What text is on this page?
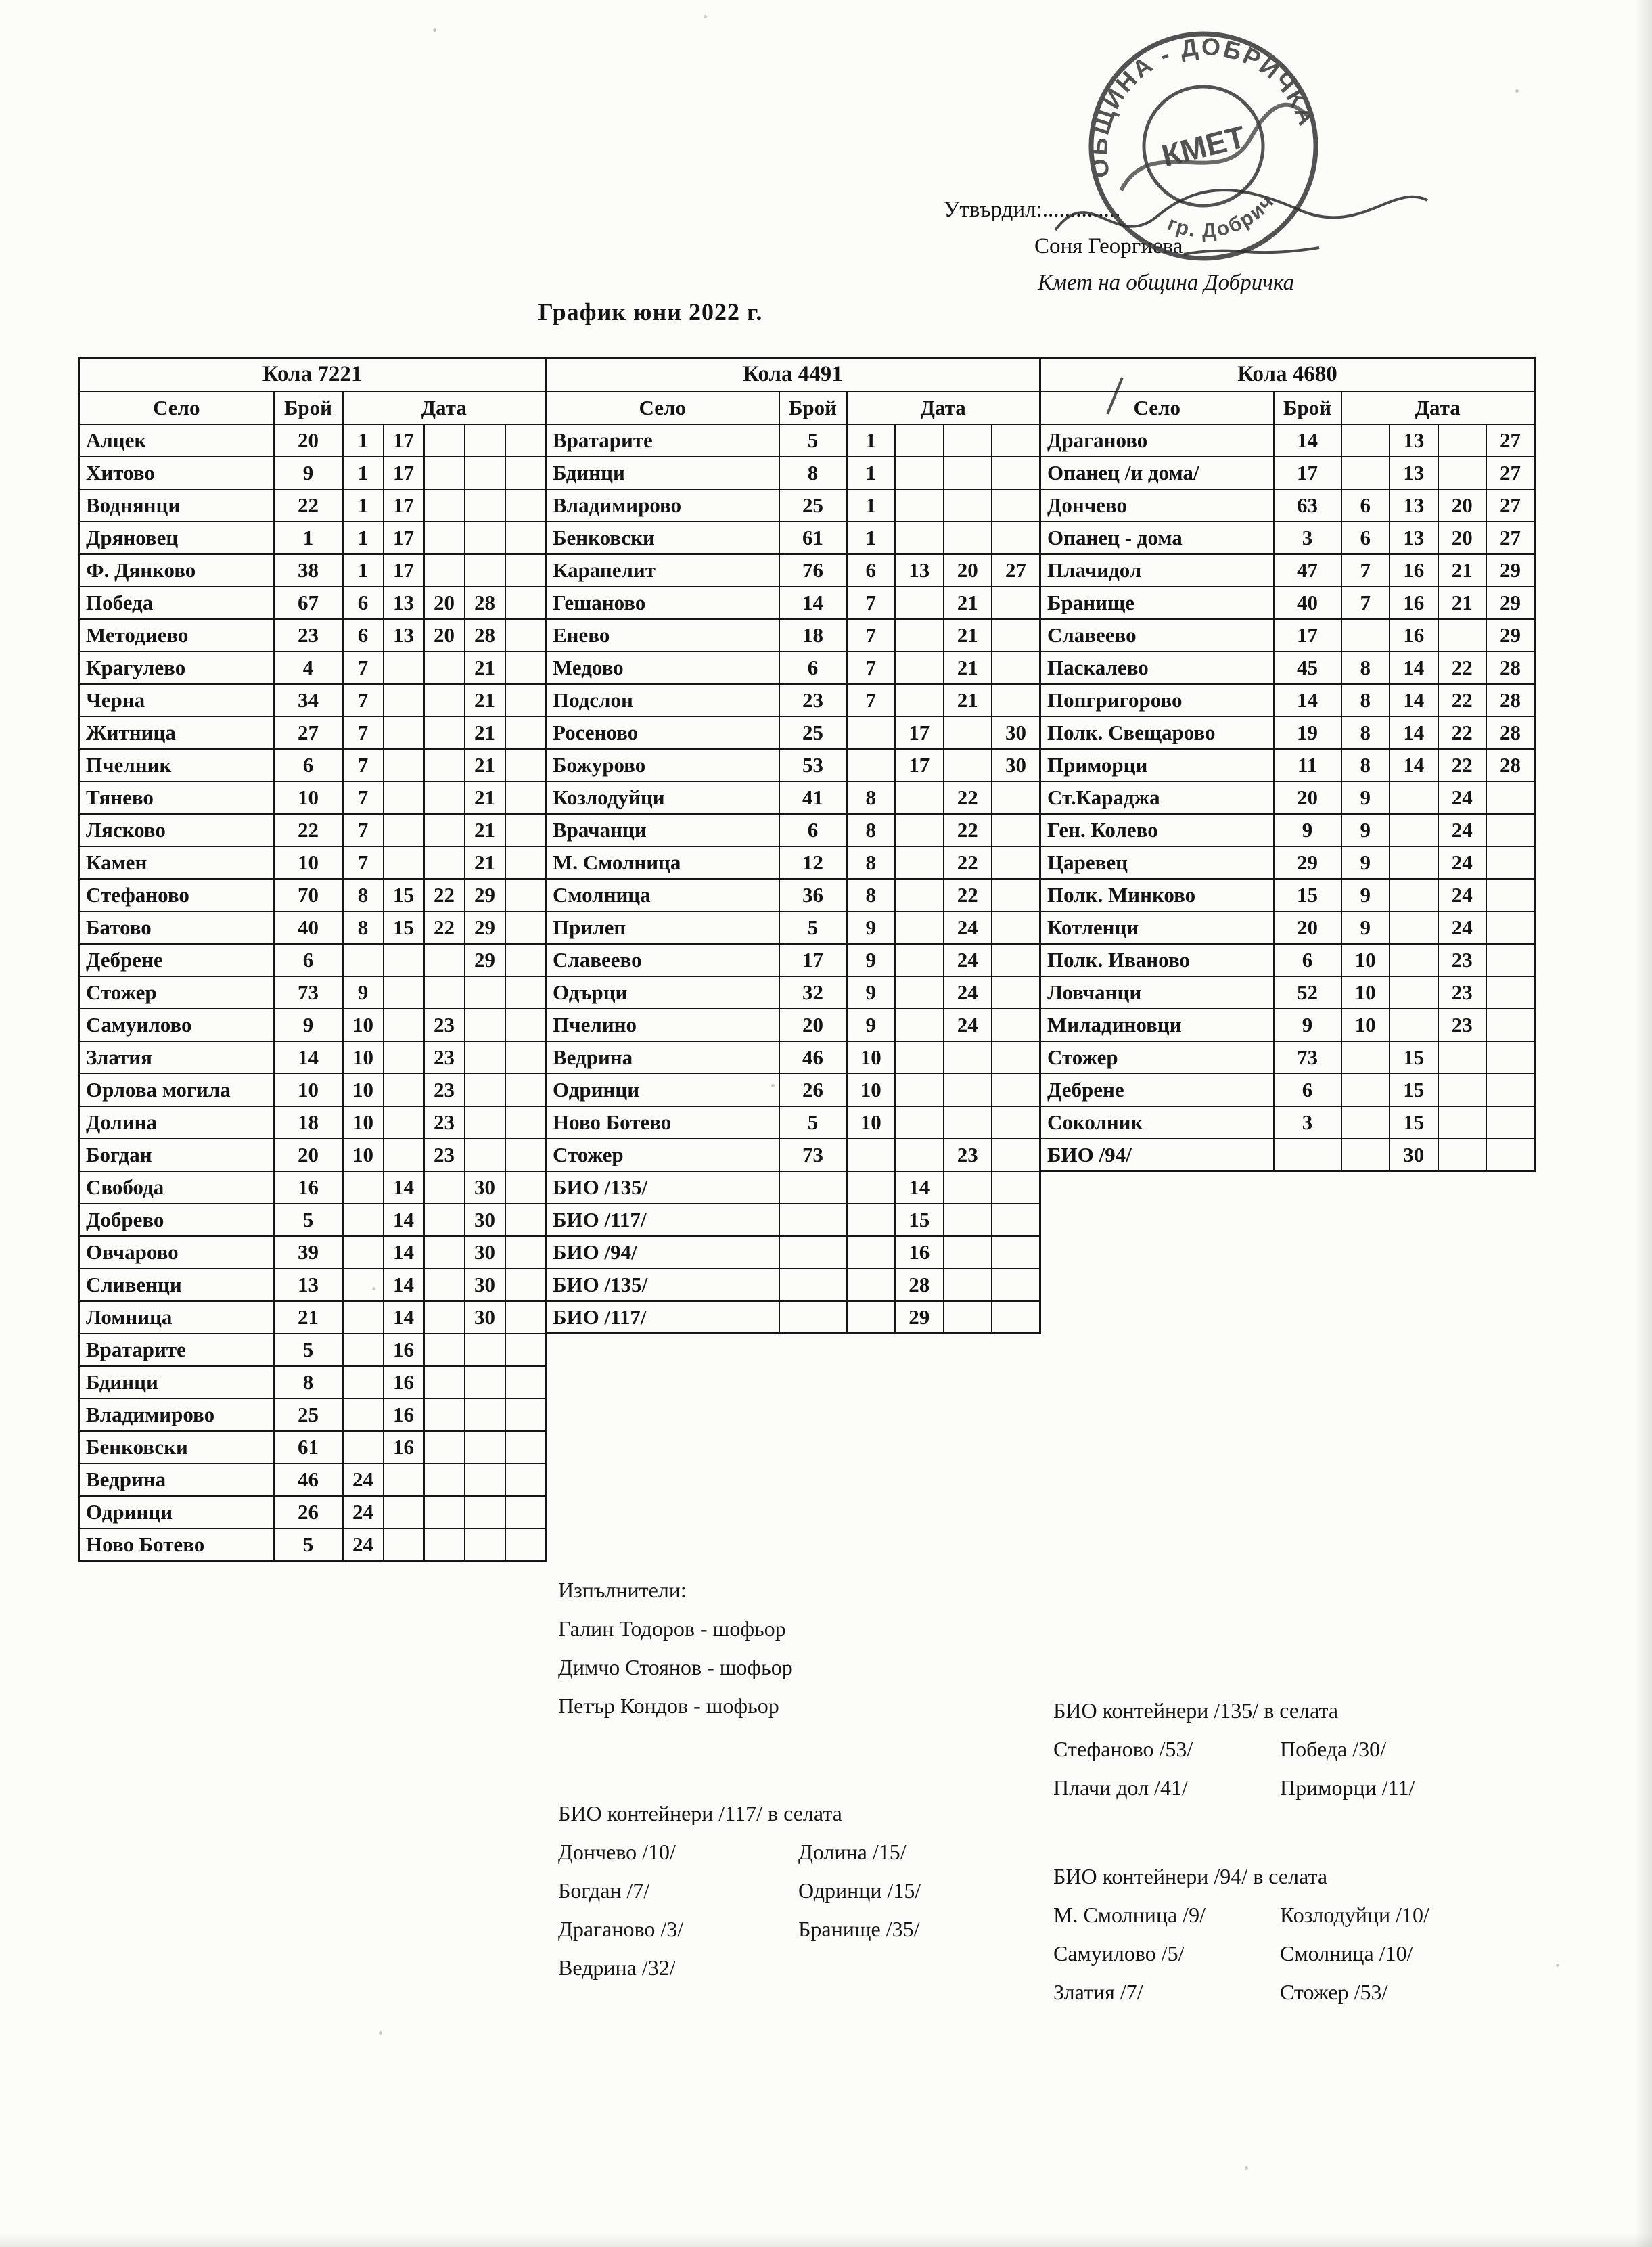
Утвърдил:..............
Соня Георгиева
Кмет на община Добричка
ОБЩИНА - ДОБРИЧКА
гр. Добрич
КМЕТ
График юни 2022 г.
Кола 7221						
Село	Брой	Дата				
Алцек	20	1	17			
Хитово	9	1	17			
Воднянци	22	1	17			
Дряновец	1	1	17			
Ф. Дянково	38	1	17			
Победа	67	6	13	20	28	
Методиево	23	6	13	20	28	
Крагулево	4	7			21	
Черна	34	7			21	
Житница	27	7			21	
Пчелник	6	7			21	
Тянево	10	7			21	
Лясково	22	7			21	
Камен	10	7			21	
Стефаново	70	8	15	22	29	
Батово	40	8	15	22	29	
Дебрене	6				29	
Стожер	73	9				
Самуилово	9	10		23		
Златия	14	10		23		
Орлова могила	10	10		23		
Долина	18	10		23		
Богдан	20	10		23		
Свобода	16		14		30	
Добрево	5		14		30	
Овчарово	39		14		30	
Сливенци	13		14		30	
Ломница	21		14		30	
Вратарите	5		16			
Бдинци	8		16			
Владимирово	25		16			
Бенковски	61		16			
Ведрина	46	24				
Одринци	26	24				
Ново Ботево	5	24				
Кола 4491					
Село	Брой	Дата			
Вратарите	5	1			
Бдинци	8	1			
Владимирово	25	1			
Бенковски	61	1			
Карапелит	76	6	13	20	27
Гешаново	14	7		21	
Енево	18	7		21	
Медово	6	7		21	
Подслон	23	7		21	
Росеново	25		17		30
Божурово	53		17		30
Козлодуйци	41	8		22	
Врачанци	6	8		22	
М. Смолница	12	8		22	
Смолница	36	8		22	
Прилеп	5	9		24	
Славеево	17	9		24	
Одърци	32	9		24	
Пчелино	20	9		24	
Ведрина	46	10			
Одринци	26	10			
Ново Ботево	5	10			
Стожер	73			23	
БИО /135/			14		
БИО /117/			15		
БИО /94/			16		
БИО /135/			28		
БИО /117/			29		
Кола 4680					
Село	Брой	Дата			
Драганово	14		13		27
Опанец /и дома/	17		13		27
Дончево	63	6	13	20	27
Опанец - дома	3	6	13	20	27
Плачидол	47	7	16	21	29
Бранище	40	7	16	21	29
Славеево	17		16		29
Паскалево	45	8	14	22	28
Попгригорово	14	8	14	22	28
Полк. Свещарово	19	8	14	22	28
Приморци	11	8	14	22	28
Ст.Караджа	20	9		24	
Ген. Колево	9	9		24	
Царевец	29	9		24	
Полк. Минково	15	9		24	
Котленци	20	9		24	
Полк. Иваново	6	10		23	
Ловчанци	52	10		23	
Миладиновци	9	10		23	
Стожер	73		15		
Дебрене	6		15		
Соколник	3		15		
БИО /94/			30		
Изпълнители:
Галин Тодоров - шофьор
Димчо Стоянов - шофьор
Петър Кондов - шофьор	БИО контейнери /135/ в селата
Стефаново /53/
Плачи дол /41/
Победа /30/
Приморци /11/
БИО контейнери /117/ в селата
Дончево /10/
Богдан /7/
Драганово /3/
Ведрина /32/
Долина /15/
Одринци /15/
Бранище /35/
БИО контейнери /94/ в селата
М. Смолница /9/
Самуилово /5/
Златия /7/
Козлодуйци /10/
Смолница /10/
Стожер /53/
